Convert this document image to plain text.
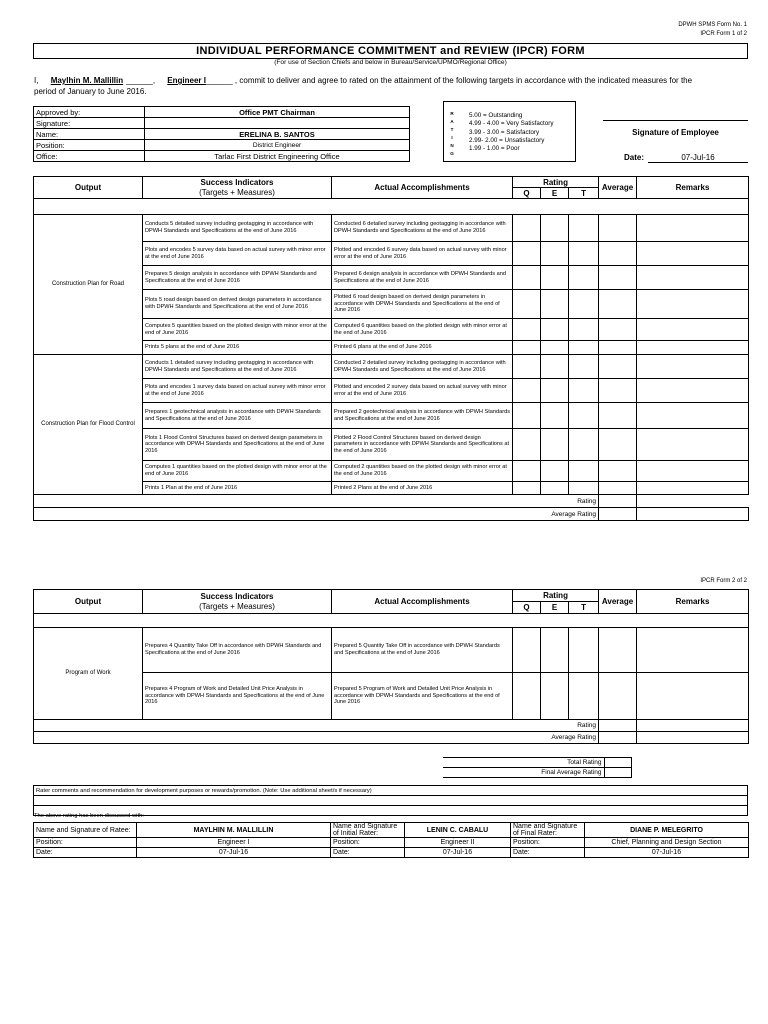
DPWH SPMS Form No. 1
IPCR Form 1 of 2
INDIVIDUAL PERFORMANCE COMMITMENT and REVIEW (IPCR) FORM
(For use of Section Chiefs and below in Bureau/Service/UPMO/Regional Office)
I, Maylhin M. Mallillin ______, Engineer I______ , commit to deliver and agree to rated on the attainment of the following targets in accordance with the indicated measures for the
period of January to June 2016.
Approved by:	Office PMT Chairman
Signature:	
Name:	ERELINA B. SANTOS
Position:	District Engineer
Office:	Tarlac First District Engineering Office
R
A
T
I
N
G
5.00 = Outstanding
4.99 - 4.00 = Very Satisfactory
3.99 - 3.00 = Satisfactory
2.99- 2.00 = Unsatisfactory
1.99 - 1.00 = Poor
Signature of Employee
Date:	07-Jul-16
Output	Success Indicators
(Targets + Measures)	Actual Accomplishments	Rating			Average	Remarks
			Q	E	T		

Construction Plan for Road	Conducts 5 detailed survey including geotagging in accordance with DPWH Standards and Specifications at the end of June 2016	Conducted 6 detailed survey including geotagging in accordance with DPWH Standards and Specifications at the end of June 2016					
	Plots and encodes 5 survey data based on actual survey with minor error at the end of June 2016	Plotted and encoded 6 survey data based on actual survey with minor error at the end of June 2016					
	Prepares 5 design analysis in accordance with DPWH Standards and Specifications at the end of June 2016	Prepared 6 design analysis in accordance with DPWH Standards and Specifications at the end of June 2016					
	Plots 5 road design based on derived design parameters in accordance with DPWH Standards and Specifications at the end of June 2016	Plotted 6 road design based on derived design parameters in accordance with DPWH Standards and Specifications at the end of June 2016					
	Computes 5 quantities based on the plotted design with minor error at the end of June 2016	Computed 6 quantities based on the plotted design with minor error at the end of June 2016					
	Prints 5 plans at the end of June 2016	Printed 6 plans at the end of June 2016					
Construction Plan for Flood Control	Conducts 1 detailed survey including geotagging in accordance with DPWH Standards and Specifications at the end of June 2016	Conducted 2 detailed survey including geotagging in accordance with DPWH Standards and Specifications at the end of June 2016					
	Plots and encodes 1 survey data based on actual survey with minor error at the end of June 2016	Plotted and encoded 2 survey data based on actual survey with minor error at the end of June 2016					
	Prepares 1 geotechnical analysis in accordance with DPWH Standards and Specifications at the end of June 2016	Prepared 2 geotechnical analysis in accordance with DPWH Standards and Specifications at the end of June 2016					
	Plots 1 Flood Control Structures based on derived design parameters in accordance with DPWH Standards and Specifications at the end of June 2016	Plotted 2 Flood Control Structures based on derived design parameters in accordance with DPWH Standards and Specifications at the end of June 2016					
	Computes 1 quantities based on the plotted design with minor error at the end of June 2016	Computed 2 quantities based on the plotted design with minor error at the end of June 2016					
	Prints 1 Plan at the end of June 2016	Printed 2 Plans at the end of June 2016					
Rating							
Average Rating							
IPCR Form 2 of 2
Output	Success Indicators
(Targets + Measures)	Actual Accomplishments	Rating			Average	Remarks
			Q	E	T		

Program of Work	Prepares 4 Quantity Take Off in accordance with DPWH Standards and Specifications at the end of June 2016	Prepared 5 Quantity Take Off in accordance with DPWH Standards and Specifications at the end of June 2016					
	Prepares 4 Program of Work and Detailed Unit Price Analysis in accordance with DPWH Standards and Specifications at the end of June 2016	Prepared 5 Program of Work and Detailed Unit Price Analysis in accordance with DPWH Standards and Specifications at the end of June 2016					
Rating							
Average Rating							
Total Rating	
Final Average Rating	
Rater comments and recommendation for development purposes or rewards/promotion. (Note: Use additional sheet/s if necessary)

The above rating has been discussed with:
Name and Signature of Ratee:	MAYLHIN M. MALLILLIN	Name and Signature of Initial Rater:	LENIN C. CABALU	Name and Signature of Final Rater:	DIANE P. MELEGRITO
Position:	Engineer I	Position:	Engineer II	Position:	Chief, Planning and Design Section
Date:	07-Jul-16	Date:	07-Jul-16	Date:	07-Jul-16
